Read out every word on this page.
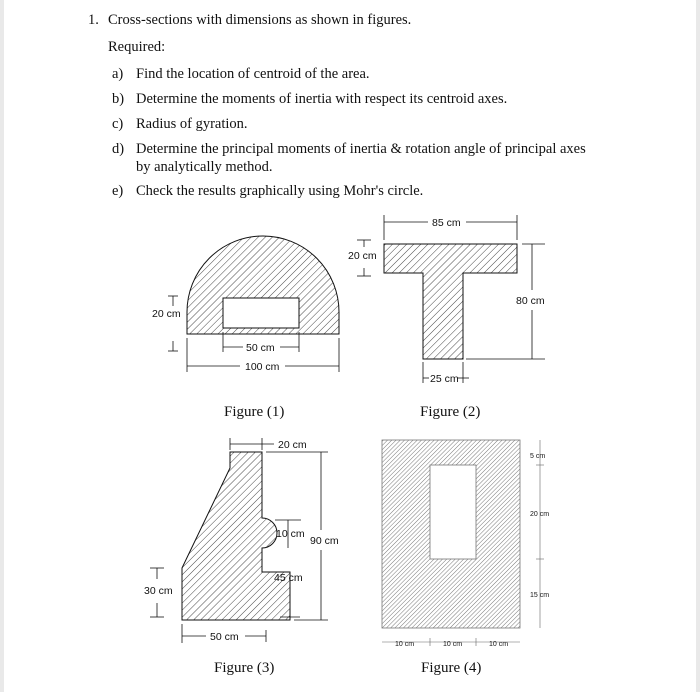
1. Cross-sections with dimensions as shown in figures.
Required:
a) Find the location of centroid of the area.
b) Determine the moments of inertia with respect its centroid axes.
c) Radius of gyration.
d) Determine the principal moments of inertia & rotation angle of principal axes
by analytically method.
e) Check the results graphically using Mohr's circle.
20 cm
50 cm
100 cm
Figure (1)
85 cm
20 cm
80 cm
25 cm
Figure (2)
20 cm
10 cm
90 cm
45 cm
30 cm
50 cm
Figure (3)
5 cm
20 cm
15 cm
10 cm	10 cm	10 cm
Figure (4)
